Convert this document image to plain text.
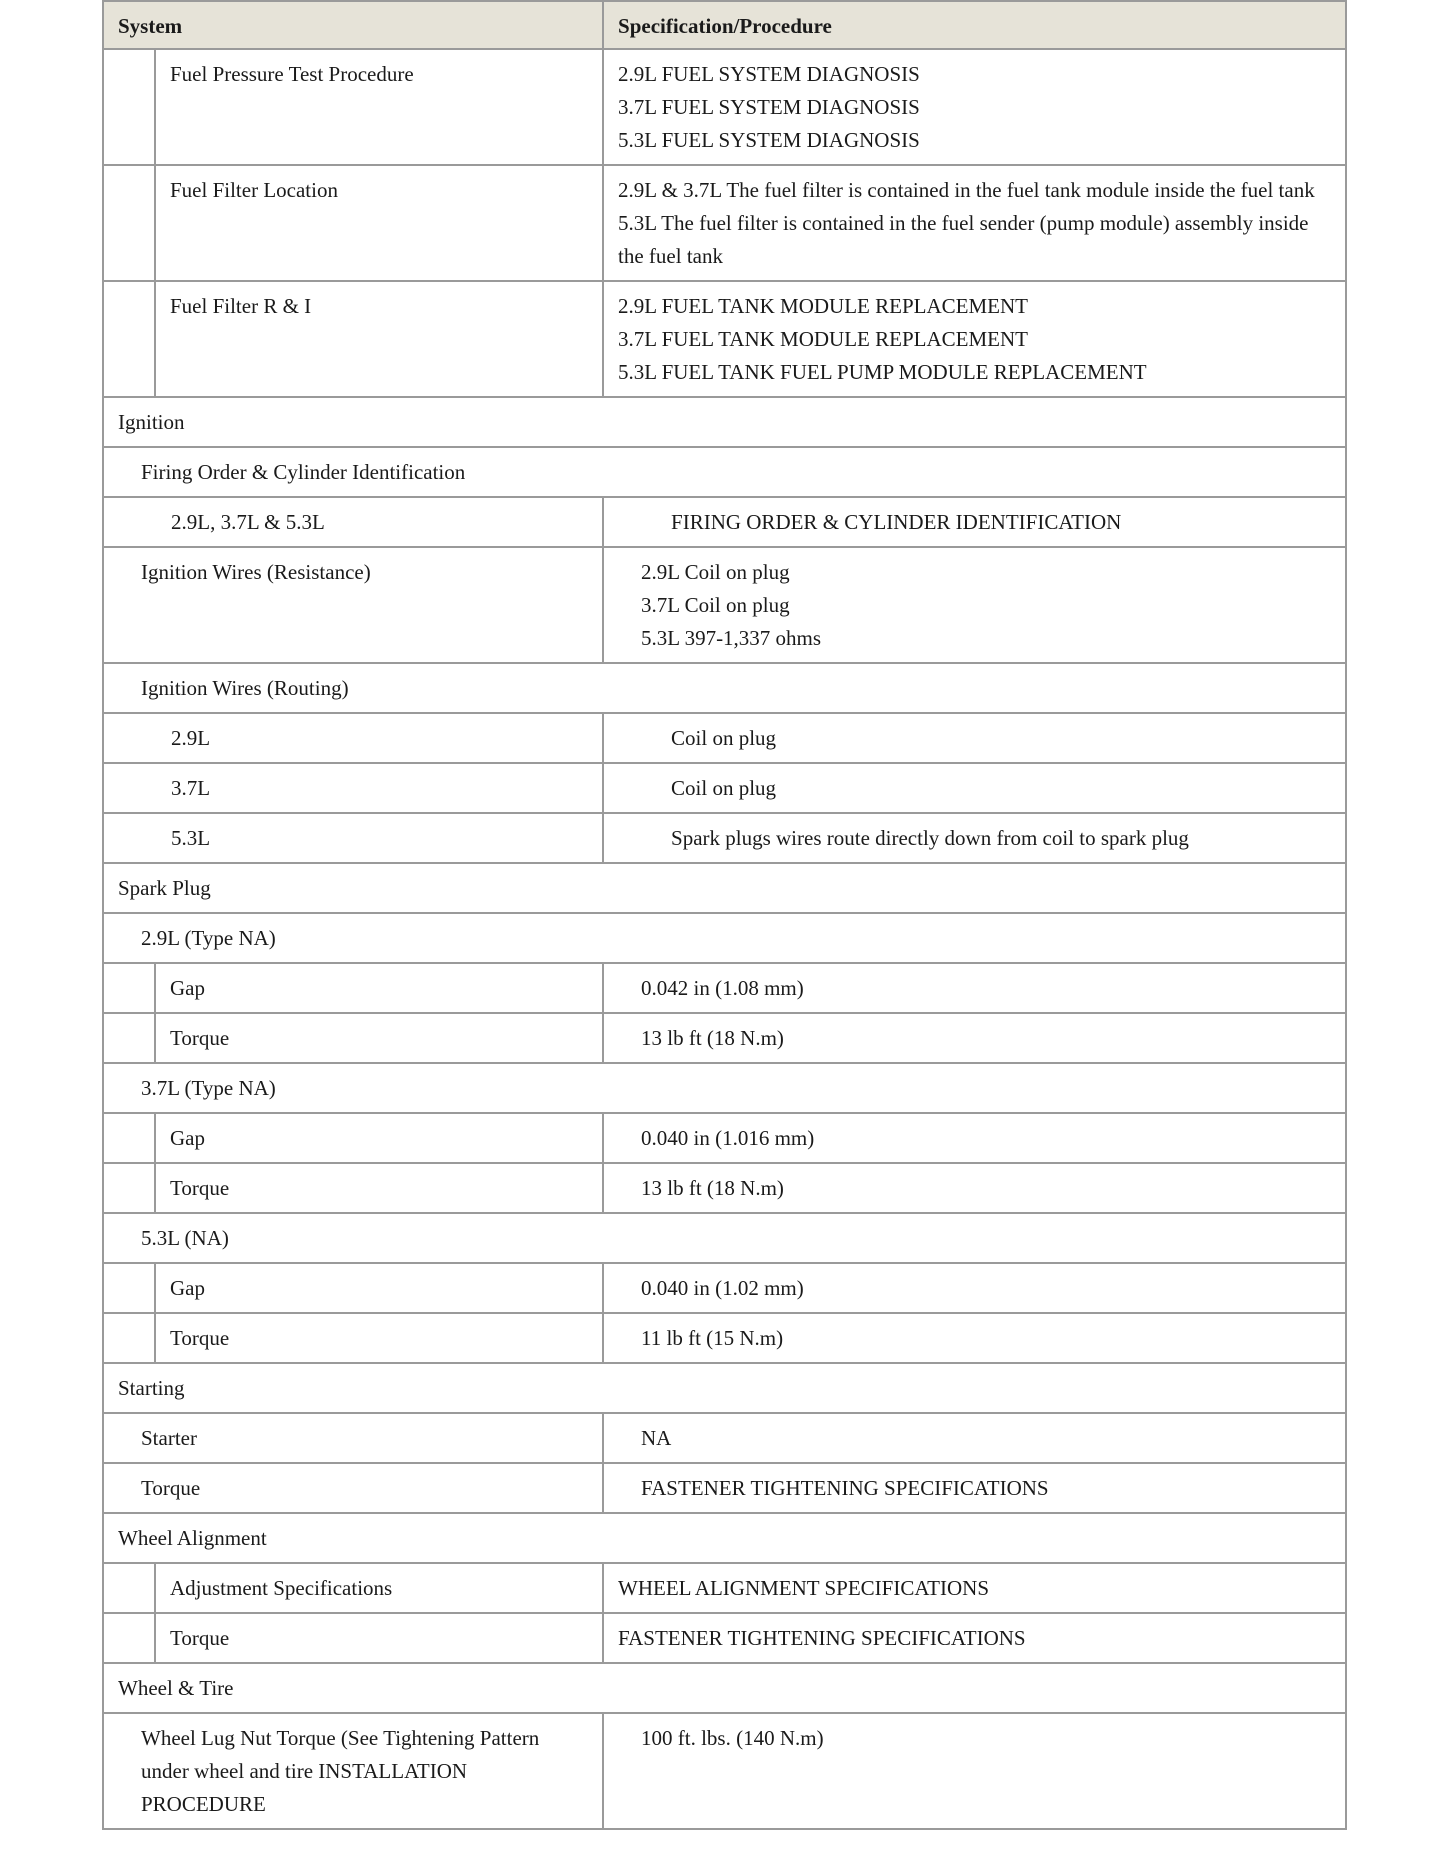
System		Specification/Procedure
	Fuel Pressure Test Procedure	2.9L FUEL SYSTEM DIAGNOSIS
3.7L FUEL SYSTEM DIAGNOSIS
5.3L FUEL SYSTEM DIAGNOSIS

	Fuel Filter Location	2.9L & 3.7L The fuel filter is contained in the fuel tank module inside the fuel tank
5.3L The fuel filter is contained in the fuel sender (pump module) assembly inside the fuel tank

	Fuel Filter R & I	2.9L FUEL TANK MODULE REPLACEMENT
3.7L FUEL TANK MODULE REPLACEMENT
5.3L FUEL TANK FUEL PUMP MODULE REPLACEMENT

Ignition		
Firing Order & Cylinder Identification		
2.9L, 3.7L & 5.3L		FIRING ORDER & CYLINDER IDENTIFICATION
Ignition Wires (Resistance)		2.9L Coil on plug
3.7L Coil on plug
5.3L 397-1,337 ohms

Ignition Wires (Routing)		
2.9L		Coil on plug
3.7L		Coil on plug
5.3L		Spark plugs wires route directly down from coil to spark plug
Spark Plug		
2.9L (Type NA)		
	Gap	0.042 in (1.08 mm)
	Torque	13 lb ft (18 N.m)
3.7L (Type NA)		
	Gap	0.040 in (1.016 mm)
	Torque	13 lb ft (18 N.m)
5.3L (NA)		
	Gap	0.040 in (1.02 mm)
	Torque	11 lb ft (15 N.m)
Starting		
Starter		NA
Torque		FASTENER TIGHTENING SPECIFICATIONS
Wheel Alignment		
	Adjustment Specifications	WHEEL ALIGNMENT SPECIFICATIONS
	Torque	FASTENER TIGHTENING SPECIFICATIONS
Wheel & Tire		
Wheel Lug Nut Torque (See Tightening Pattern under wheel and tire INSTALLATION PROCEDURE		100 ft. lbs. (140 N.m)
